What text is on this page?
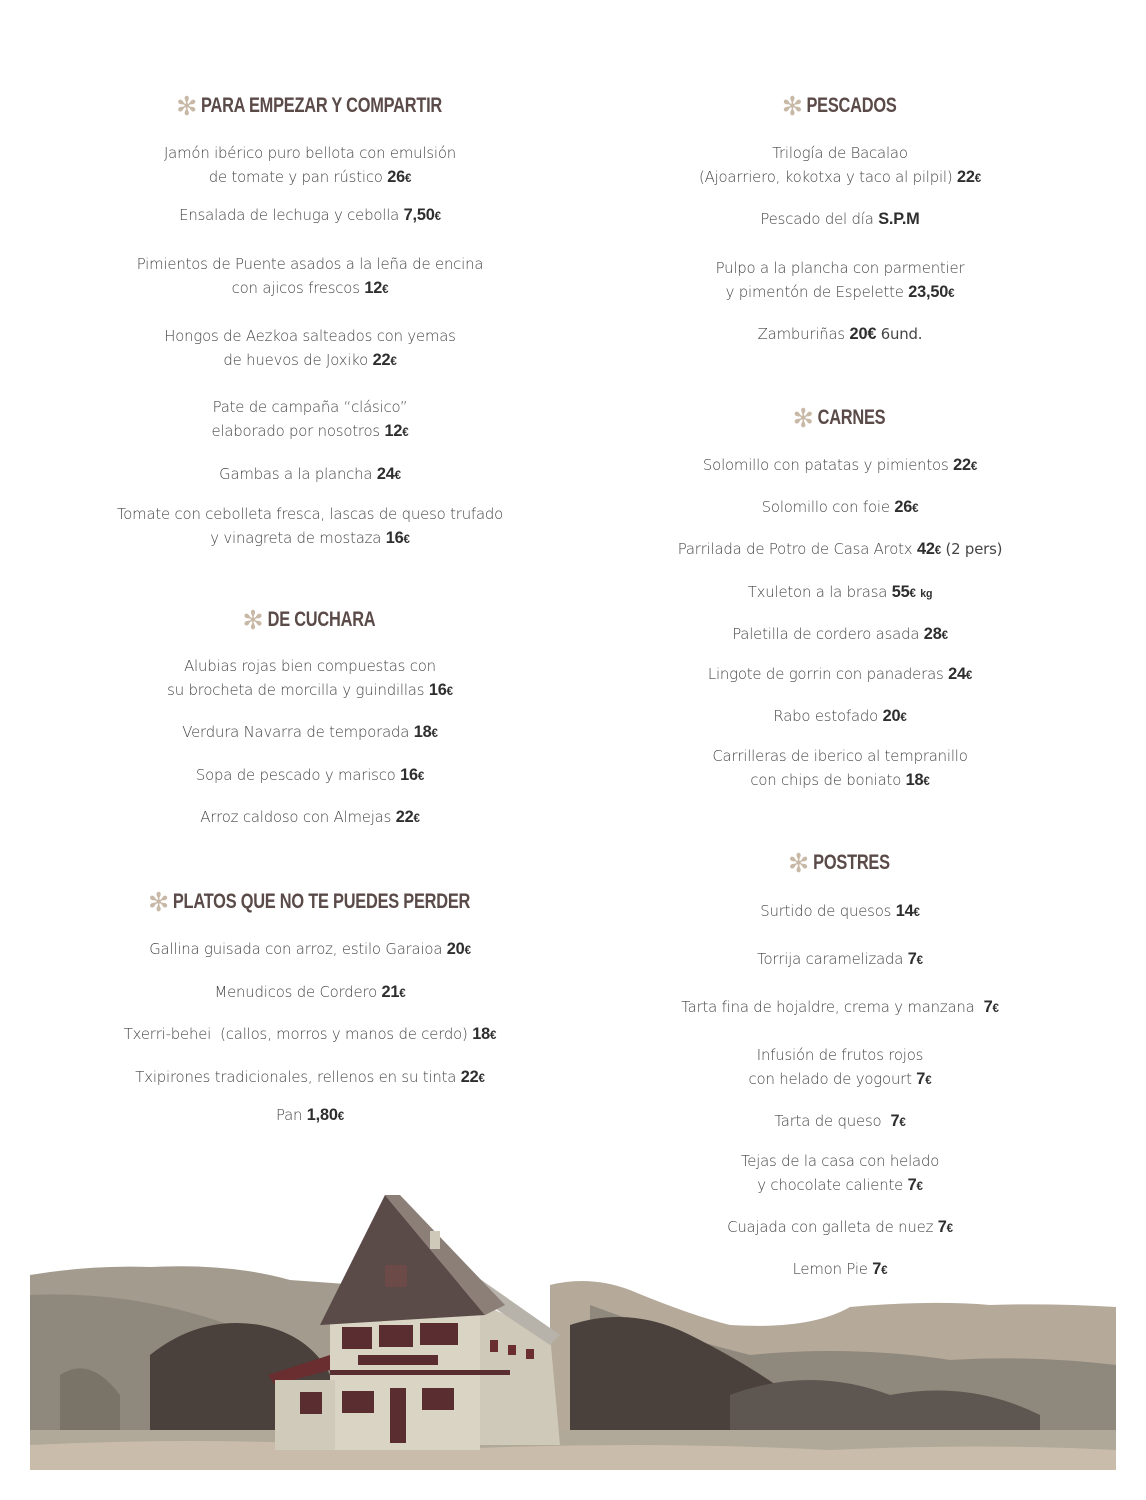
✻ PARA EMPEZAR Y COMPARTIR
Jamón ibérico puro bellota con emulsión
de tomate y pan rústico 26€
Ensalada de lechuga y cebolla 7,50€
Pimientos de Puente asados a la leña de encina
con ajicos frescos 12€
Hongos de Aezkoa salteados con yemas
de huevos de Joxiko 22€
Pate de campaña “clásico”
elaborado por nosotros 12€
Gambas a la plancha 24€
Tomate con cebolleta fresca, lascas de queso trufado
y vinagreta de mostaza 16€
✻ DE CUCHARA
Alubias rojas bien compuestas con
su brocheta de morcilla y guindillas 16€
Verdura Navarra de temporada 18€
Sopa de pescado y marisco 16€
Arroz caldoso con Almejas 22€
✻ PLATOS QUE NO TE PUEDES PERDER
Gallina guisada con arroz, estilo Garaioa 20€
Menudicos de Cordero 21€
Txerri-behei  (callos, morros y manos de cerdo) 18€
Txipirones tradicionales, rellenos en su tinta 22€
Pan 1,80€
✻ PESCADOS
Trilogía de Bacalao
(Ajoarriero, kokotxa y taco al pilpil) 22€
Pescado del día S.P.M
Pulpo a la plancha con parmentier
y pimentón de Espelette 23,50€
Zamburiñas 20€ 6und.
✻ CARNES
Solomillo con patatas y pimientos 22€
Solomillo con foie 26€
Parrilada de Potro de Casa Arotx 42€ (2 pers)
Txuleton a la brasa 55€ kg
Paletilla de cordero asada 28€
Lingote de gorrin con panaderas 24€
Rabo estofado 20€
Carrilleras de iberico al tempranillo
con chips de boniato 18€
✻ POSTRES
Surtido de quesos 14€
Torrija caramelizada 7€
Tarta fina de hojaldre, crema y manzana  7€
Infusión de frutos rojos
con helado de yogourt 7€
Tarta de queso  7€
Tejas de la casa con helado
y chocolate caliente 7€
Cuajada con galleta de nuez 7€
Lemon Pie 7€
